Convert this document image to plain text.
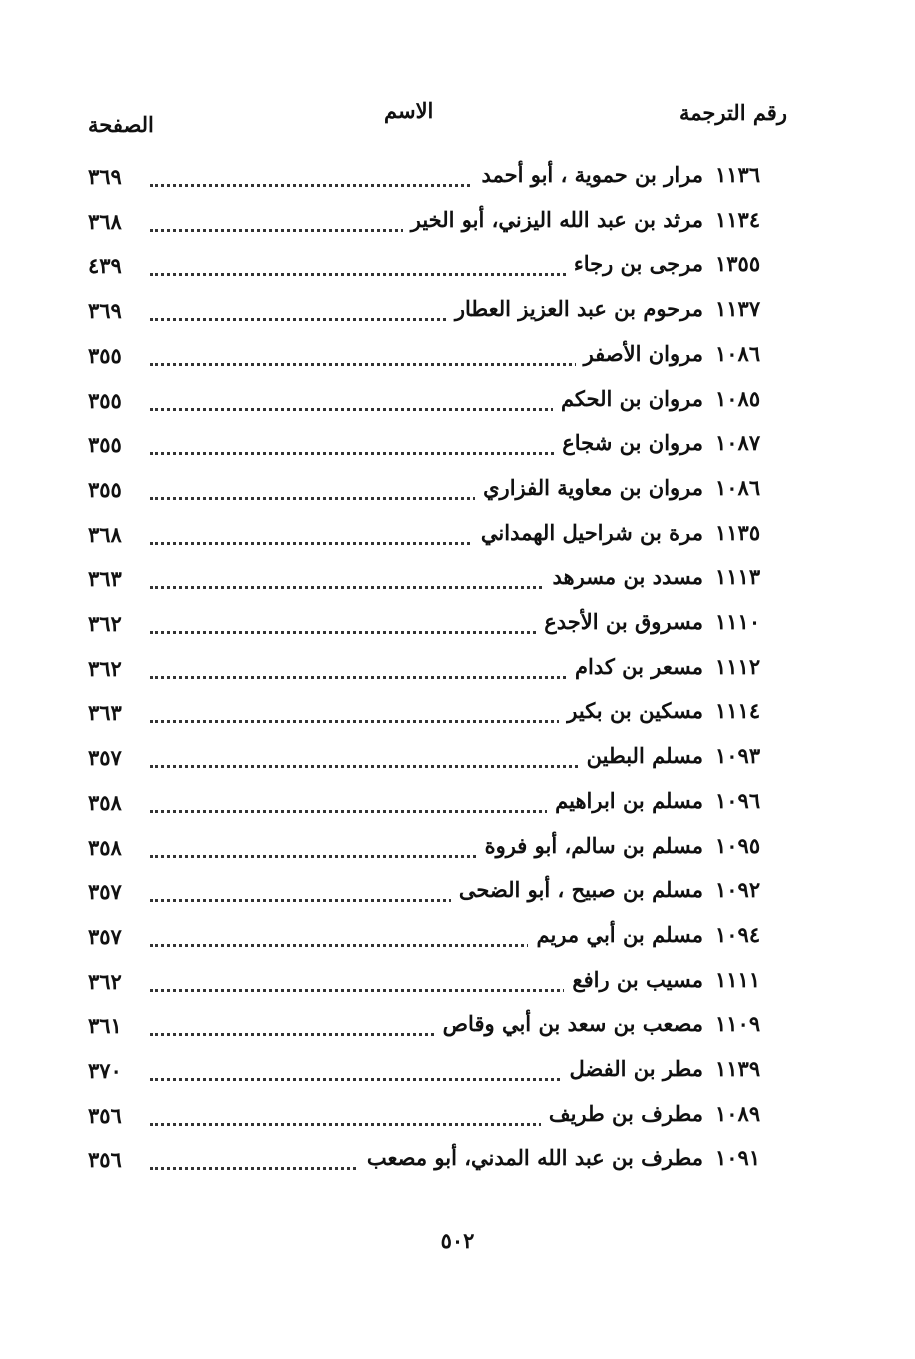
رقم الترجمة
الاسم
الصفحة
١١٣٦
مرار بن حموية ، أبو أحمد
٣٦٩
١١٣٤
مرثد بن عبد الله اليزني، أبو الخير
٣٦٨
١٣٥٥
مرجى بن رجاء
٤٣٩
١١٣٧
مرحوم بن عبد العزيز العطار
٣٦٩
١٠٨٦
مروان الأصفر
٣٥٥
١٠٨٥
مروان بن الحكم
٣٥٥
١٠٨٧
مروان بن شجاع
٣٥٥
١٠٨٦
مروان بن معاوية الفزاري
٣٥٥
١١٣٥
مرة بن شراحيل الهمداني
٣٦٨
١١١٣
مسدد بن مسرهد
٣٦٣
١١١٠
مسروق بن الأجدع
٣٦٢
١١١٢
مسعر بن كدام
٣٦٢
١١١٤
مسكين بن بكير
٣٦٣
١٠٩٣
مسلم البطين
٣٥٧
١٠٩٦
مسلم بن ابراهيم
٣٥٨
١٠٩٥
مسلم بن سالم، أبو فروة
٣٥٨
١٠٩٢
مسلم بن صبيح ، أبو الضحى
٣٥٧
١٠٩٤
مسلم بن أبي مريم
٣٥٧
١١١١
مسيب بن رافع
٣٦٢
١١٠٩
مصعب بن سعد بن أبي وقاص
٣٦١
١١٣٩
مطر بن الفضل
٣٧٠
١٠٨٩
مطرف بن طريف
٣٥٦
١٠٩١
مطرف بن عبد الله المدني، أبو مصعب
٣٥٦
٥٠٢
